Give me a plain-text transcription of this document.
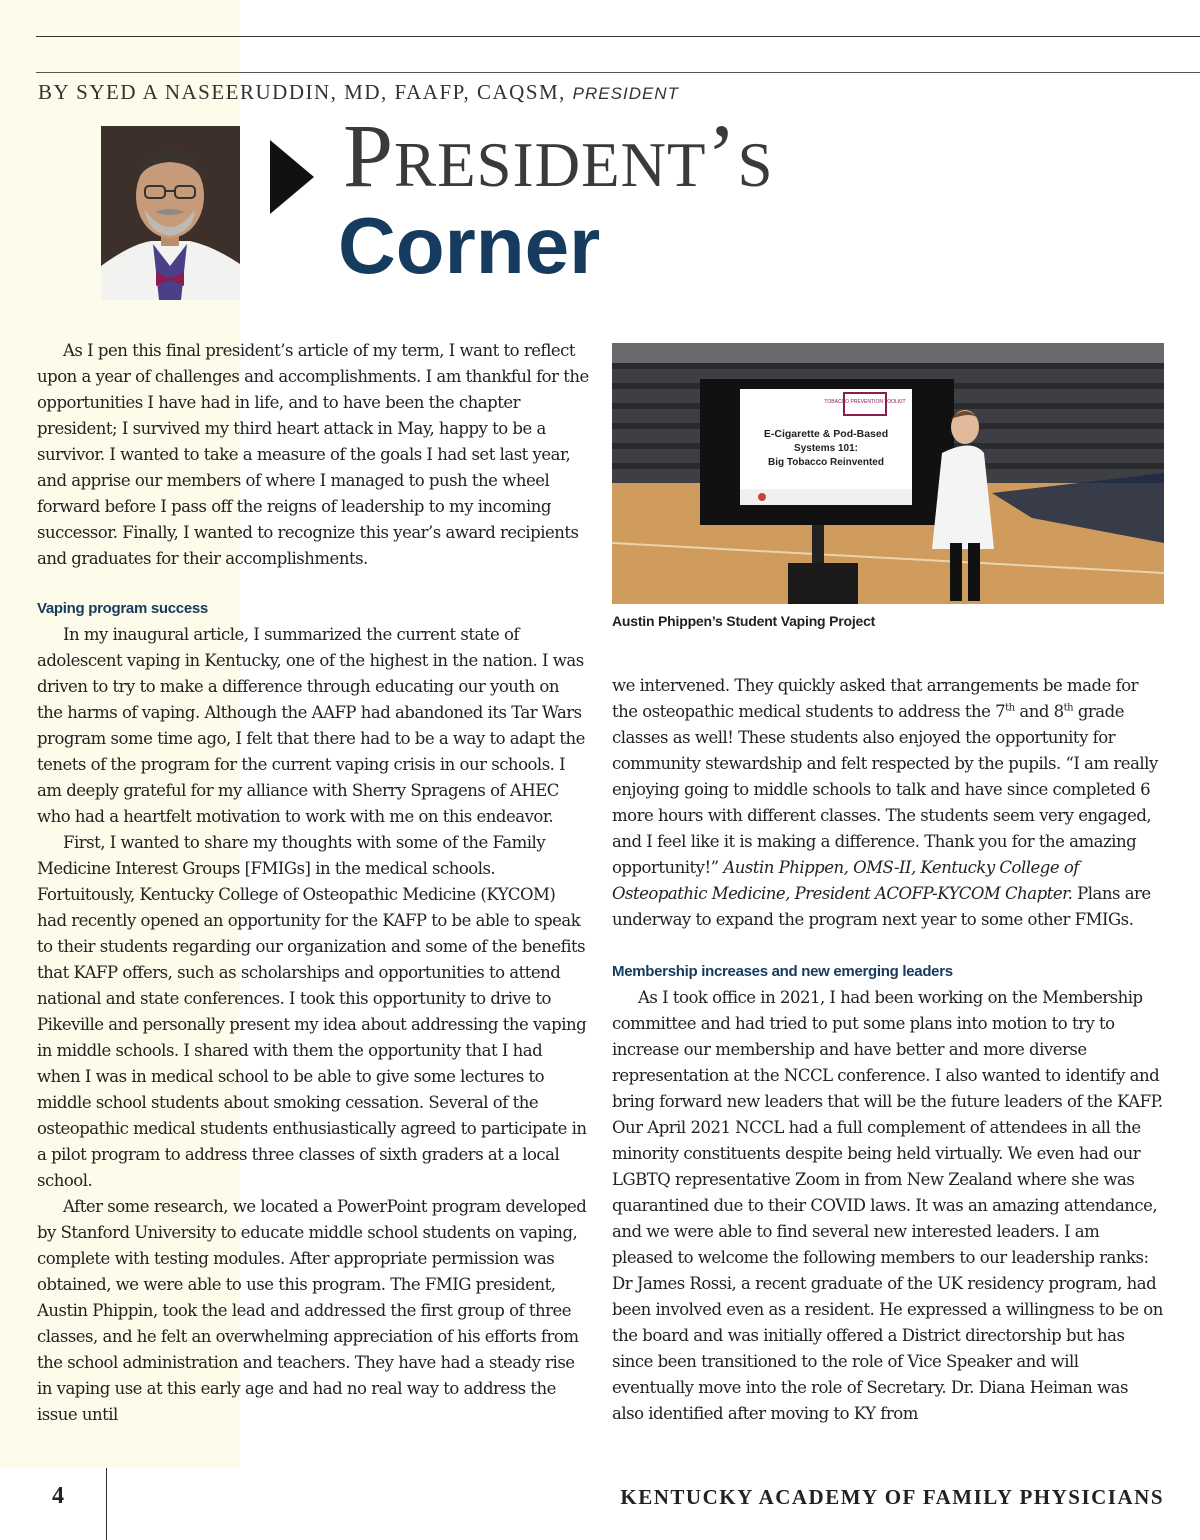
BY SYED A NASEERUDDIN, MD, FAAFP, CAQSM, PRESIDENT
President’s
Corner

As I pen this final president’s article of my term, I want to reflect upon a year of challenges and accomplishments. I am thankful for the opportunities I have had in life, and to have been the chapter president; I survived my third heart attack in May, happy to be a survivor. I wanted to take a measure of the goals I had set last year, and apprise our members of where I managed to push the wheel forward before I pass off the reigns of leadership to my incoming successor. Finally, I wanted to recognize this year’s award recipients and graduates for their accomplishments.

Vaping program success

In my inaugural article, I summarized the current state of adolescent vaping in Kentucky, one of the highest in the nation. I was driven to try to make a difference through educating our youth on the harms of vaping. Although the AAFP had abandoned its Tar Wars program some time ago, I felt that there had to be a way to adapt the tenets of the program for the current vaping crisis in our schools. I am deeply grateful for my alliance with Sherry Spragens of AHEC who had a heartfelt motivation to work with me on this endeavor.

First, I wanted to share my thoughts with some of the Family Medicine Interest Groups [FMIGs] in the medical schools. Fortuitously, Kentucky College of Osteopathic Medicine (KYCOM) had recently opened an opportunity for the KAFP to be able to speak to their students regarding our organization and some of the benefits that KAFP offers, such as scholarships and opportunities to attend national and state conferences. I took this opportunity to drive to Pikeville and personally present my idea about addressing the vaping in middle schools. I shared with them the opportunity that I had when I was in medical school to be able to give some lectures to middle school students about smoking cessation. Several of the osteopathic medical students enthusiastically agreed to participate in a pilot program to address three classes of sixth graders at a local school.

After some research, we located a PowerPoint program developed by Stanford University to educate middle school students on vaping, complete with testing modules. After appropriate permission was obtained, we were able to use this program. The FMIG president, Austin Phippin, took the lead and addressed the first group of three classes, and he felt an overwhelming appreciation of his efforts from the school administration and teachers. They have had a steady rise in vaping use at this early age and had no real way to address the issue until

TOBACCO PREVENTION TOOLKIT
E-Cigarette & Pod-Based
Systems 101:
Big Tobacco Reinvented
Austin Phippen’s Student Vaping Project

we intervened. They quickly asked that arrangements be made for the osteopathic medical students to address the 7th and 8th grade classes as well! These students also enjoyed the opportunity for community stewardship and felt respected by the pupils. “I am really enjoying going to middle schools to talk and have since completed 6 more hours with different classes. The students seem very engaged, and I feel like it is making a difference. Thank you for the amazing opportunity!” Austin Phippen, OMS-II, Kentucky College of Osteopathic Medicine, President ACOFP-KYCOM Chapter. Plans are underway to expand the program next year to some other FMIGs.

Membership increases and new emerging leaders

As I took office in 2021, I had been working on the Membership committee and had tried to put some plans into motion to try to increase our membership and have better and more diverse representation at the NCCL conference. I also wanted to identify and bring forward new leaders that will be the future leaders of the KAFP. Our April 2021 NCCL had a full complement of attendees in all the minority constituents despite being held virtually. We even had our LGBTQ representative Zoom in from New Zealand where she was quarantined due to their COVID laws. It was an amazing attendance, and we were able to find several new interested leaders. I am pleased to welcome the following members to our leadership ranks: Dr James Rossi, a recent graduate of the UK residency program, had been involved even as a resident. He expressed a willingness to be on the board and was initially offered a District directorship but has since been transitioned to the role of Vice Speaker and will eventually move into the role of Secretary. Dr. Diana Heiman was also identified after moving to KY from

4	KENTUCKY ACADEMY OF FAMILY PHYSICIANS
